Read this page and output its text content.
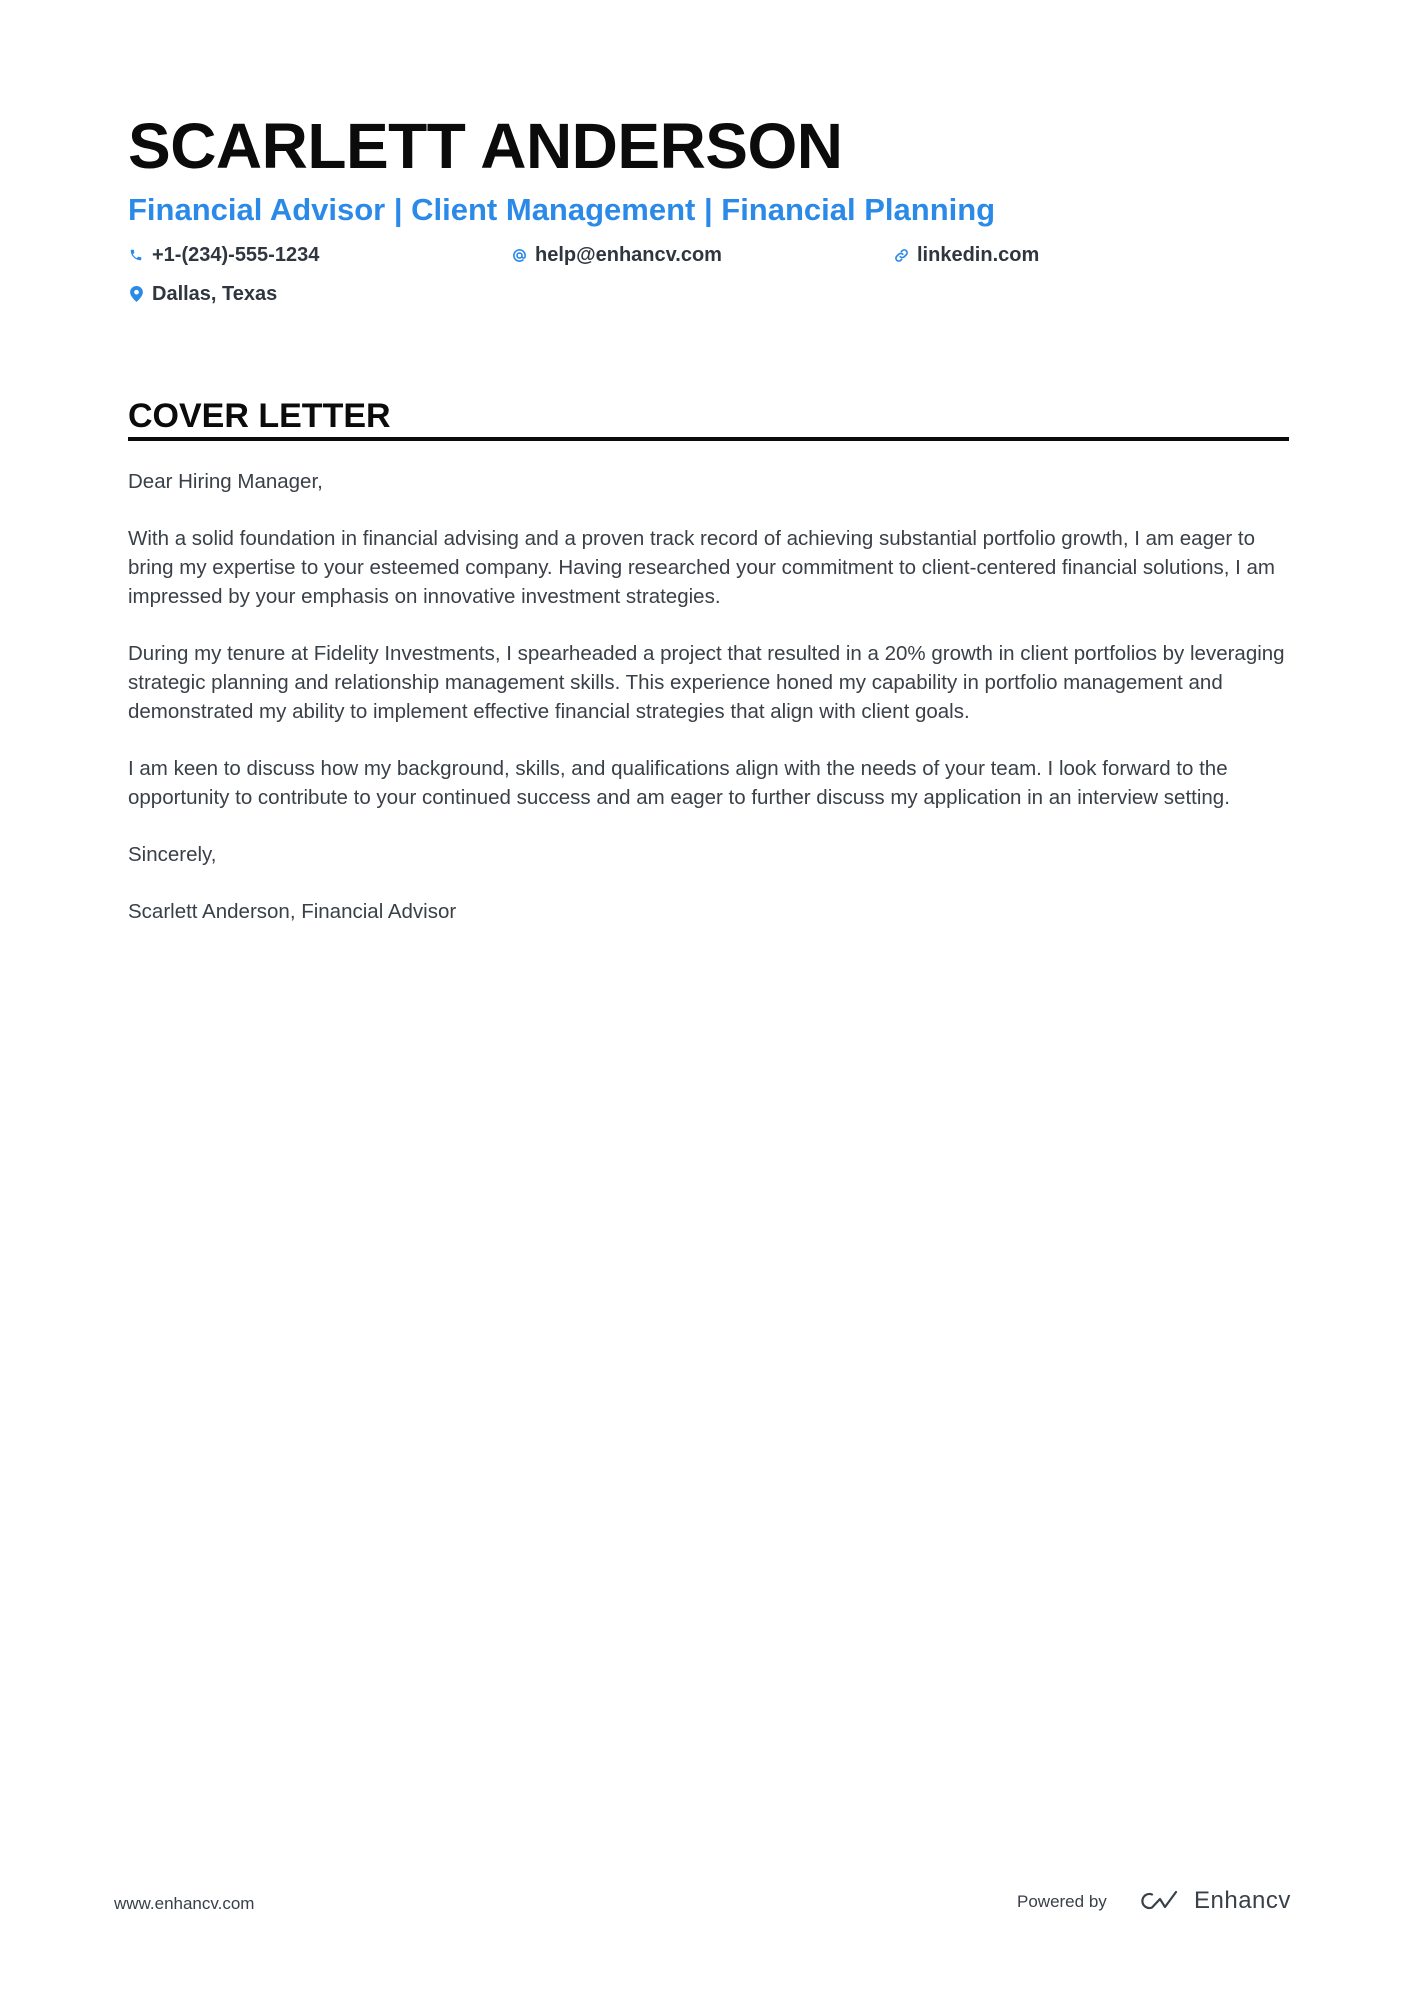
SCARLETT ANDERSON
Financial Advisor | Client Management | Financial Planning
+1-(234)-555-1234	help@enhancv.com	linkedin.com
Dallas, Texas
COVER LETTER

Dear Hiring Manager,

With a solid foundation in financial advising and a proven track record of achieving substantial portfolio growth, I am eager to bring my expertise to your esteemed company. Having researched your commitment to client-centered financial solutions, I am impressed by your emphasis on innovative investment strategies.

During my tenure at Fidelity Investments, I spearheaded a project that resulted in a 20% growth in client portfolios by leveraging strategic planning and relationship management skills. This experience honed my capability in portfolio management and demonstrated my ability to implement effective financial strategies that align with client goals.

I am keen to discuss how my background, skills, and qualifications align with the needs of your team. I look forward to the opportunity to contribute to your continued success and am eager to further discuss my application in an interview setting.

Sincerely,

Scarlett Anderson, Financial Advisor

www.enhancv.com	Powered by	Enhancv
